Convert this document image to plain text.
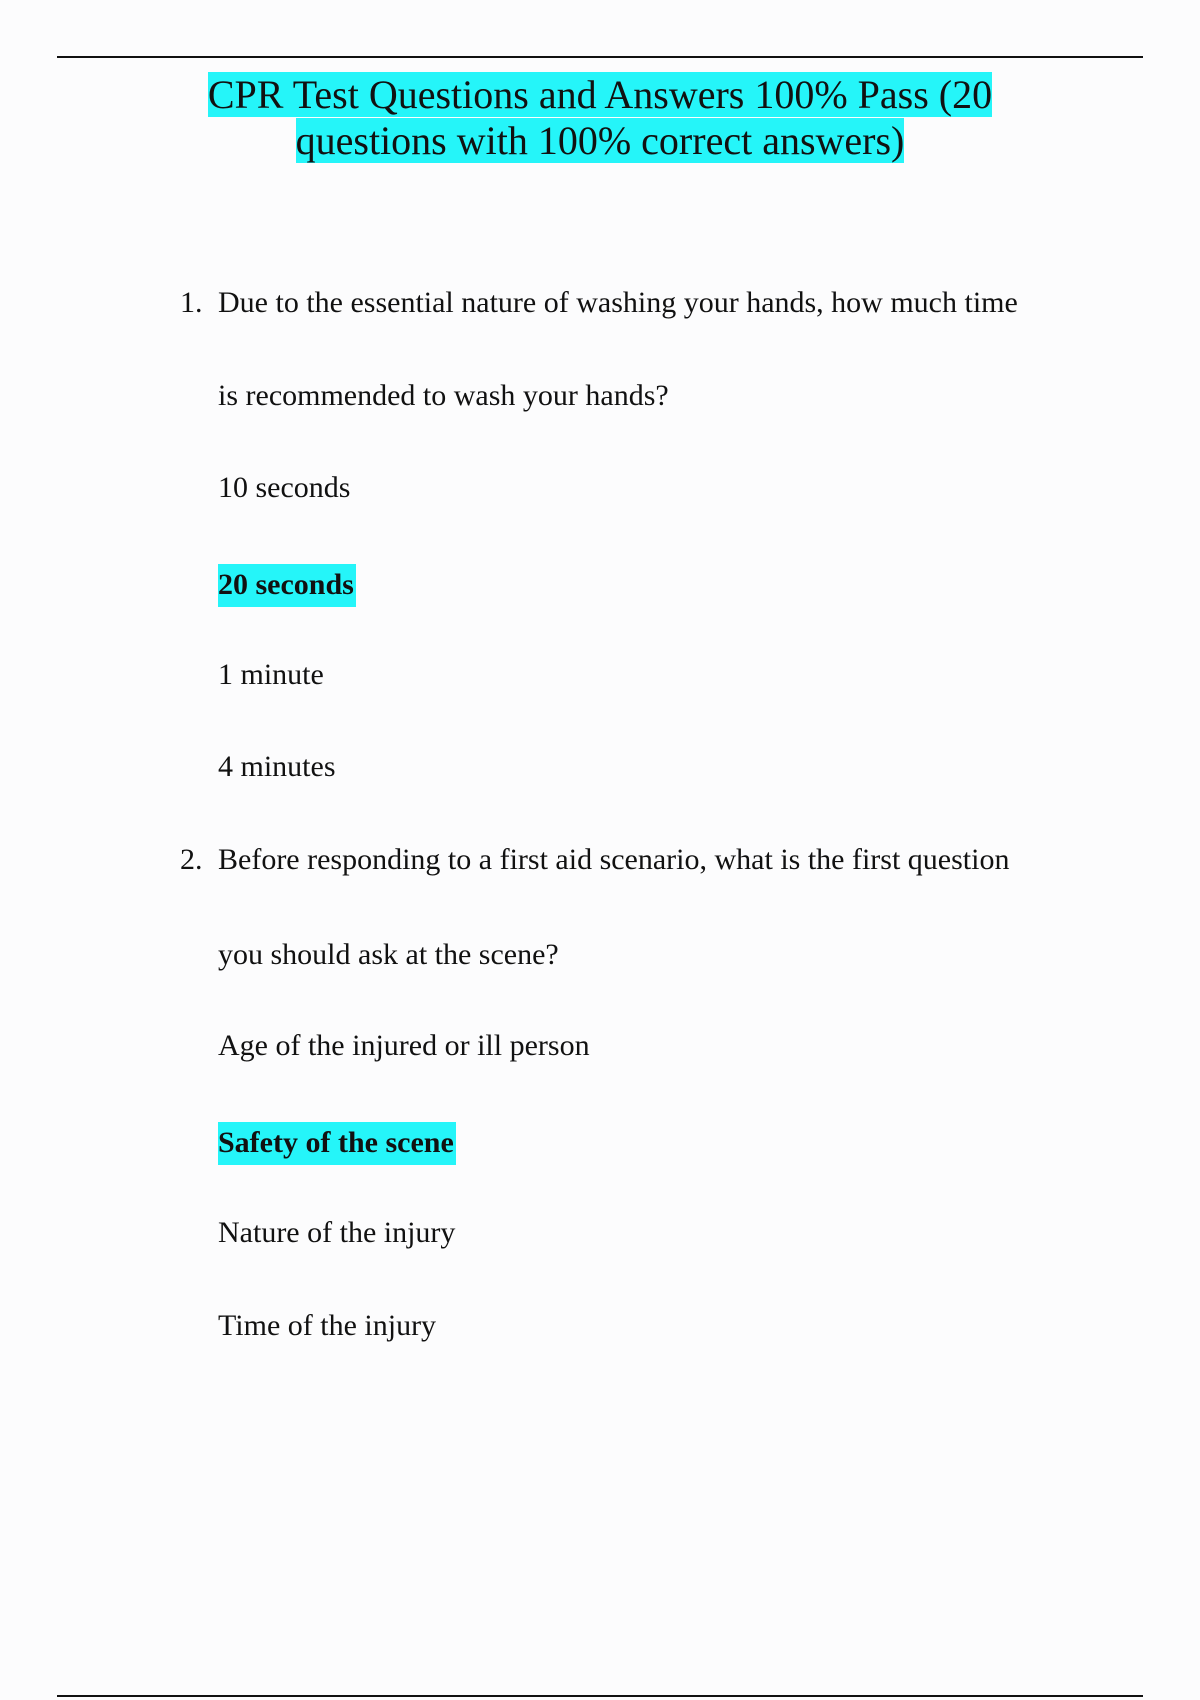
CPR Test Questions and Answers 100% Pass (20
questions with 100% correct answers)
1. Due to the essential nature of washing your hands, how much time
is recommended to wash your hands?
10 seconds
20 seconds
1 minute
4 minutes
2. Before responding to a first aid scenario, what is the first question
you should ask at the scene?
Age of the injured or ill person
Safety of the scene
Nature of the injury
Time of the injury
